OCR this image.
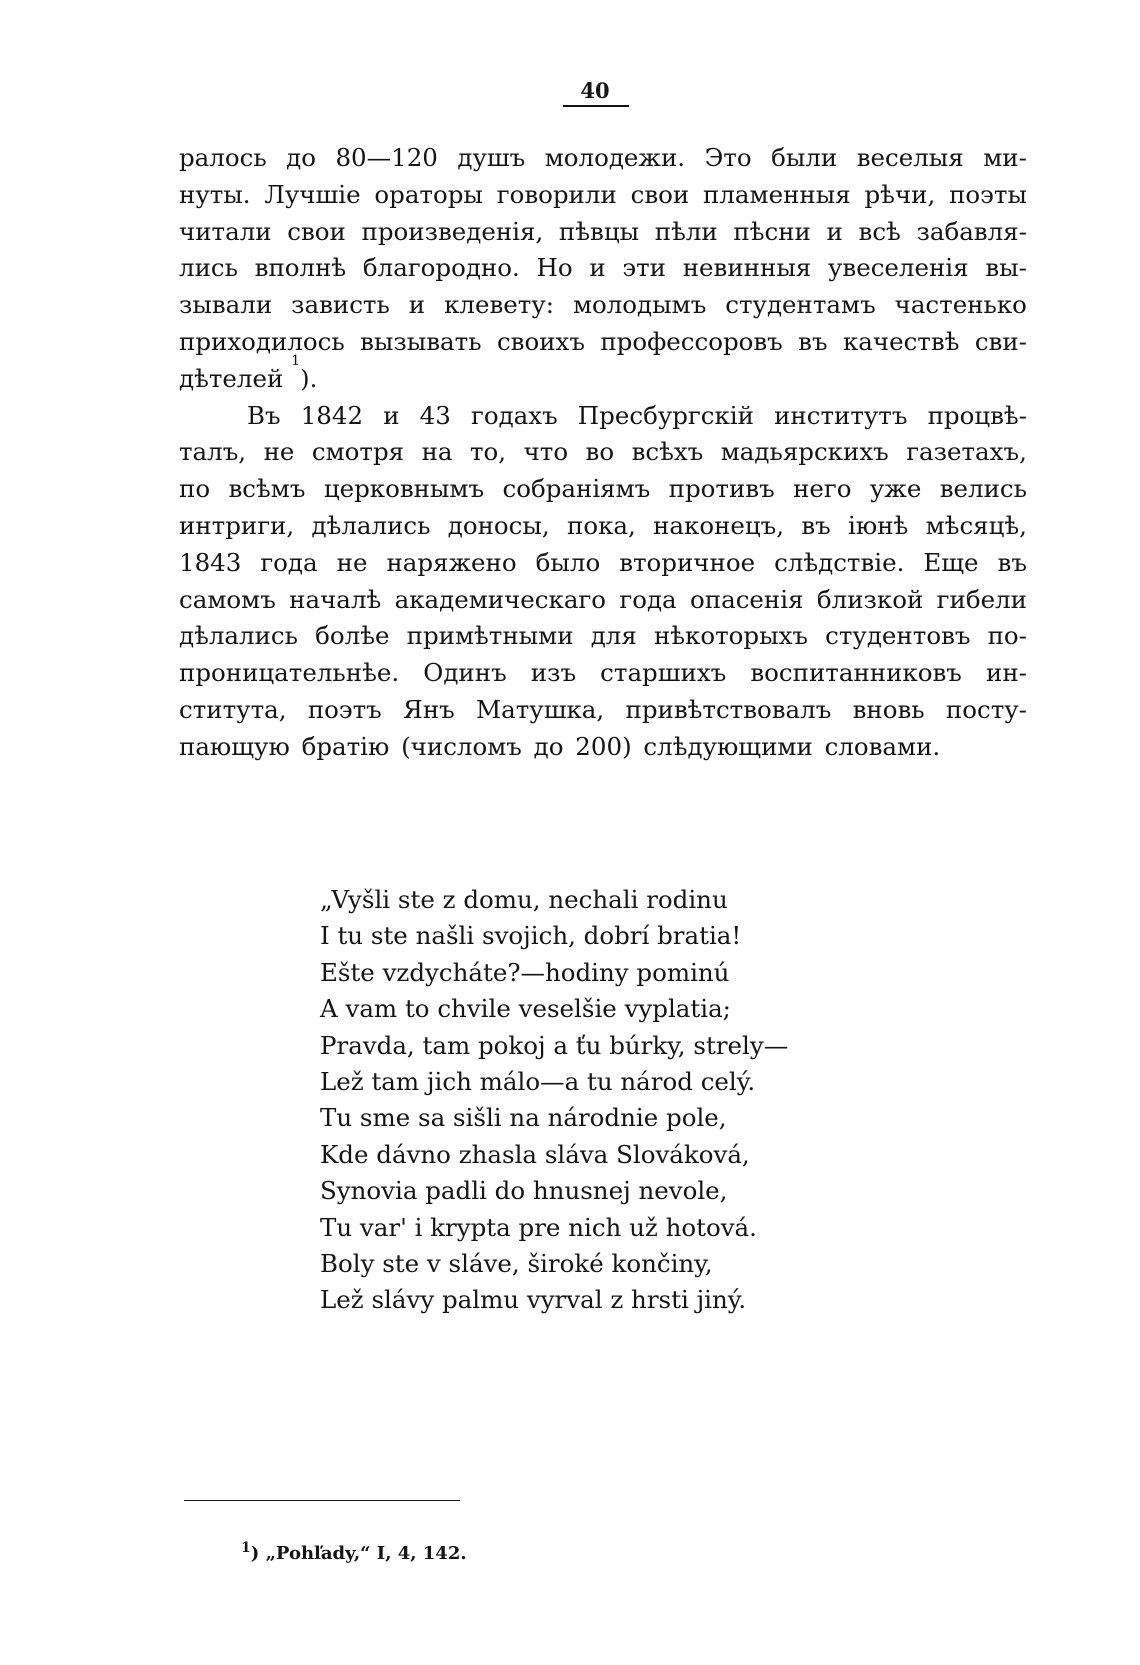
40
ралось до 80—120 душъ молодежи. Это были веселыя ми-
нуты. Лучшіе ораторы говорили свои пламенныя рѣчи, поэты
читали свои произведенія, пѣвцы пѣли пѣсни и всѣ забавля-
лись вполнѣ благородно. Но и эти невинныя увеселенія вы-
зывали зависть и клевету: молодымъ студентамъ частенько
приходилось вызывать своихъ профессоровъ въ качествѣ сви-
дѣтелей

1
).
Въ 1842 и 43 годахъ Пресбургскій институтъ процвѣ-
талъ, не смотря на то, что во всѣхъ мадьярскихъ газетахъ,
по всѣмъ церковнымъ собраніямъ противъ него уже велись
интриги, дѣлались доносы, пока, наконецъ, въ іюнѣ мѣсяцѣ,
1843 года не наряжено было вторичное слѣдствіе. Еще въ
самомъ началѣ академическаго года опасенія близкой гибели
дѣлались болѣе примѣтными для нѣкоторыхъ студентовъ по-
проницательнѣе. Одинъ изъ старшихъ воспитанниковъ ин-
ститута, поэтъ Янъ Матушка, привѣтствовалъ вновь посту-
пающую братію (числомъ до 200) слѣдующими словами.
„Vyšli ste z domu, nechali rodinu
I tu ste našli svojich, dobrí bratia!
Ešte vzdycháte?—hodiny pominú
A vam to chvile veselšie vyplatia;
Pravda, tam pokoj a ťu búrky, strely—
Lež tam jich málo—a tu národ celý.
Tu sme sa sišli na národnie pole,
Kde dávno zhasla sláva Slováková,
Synovia padli do hnusnej nevole,
Tu var' i krypta pre nich už hotová.
Boly ste v sláve, široké končiny,
Lež slávy palmu vyrval z hrsti jiný.
$^1$) „Pohľady,“ I, 4, 142.
